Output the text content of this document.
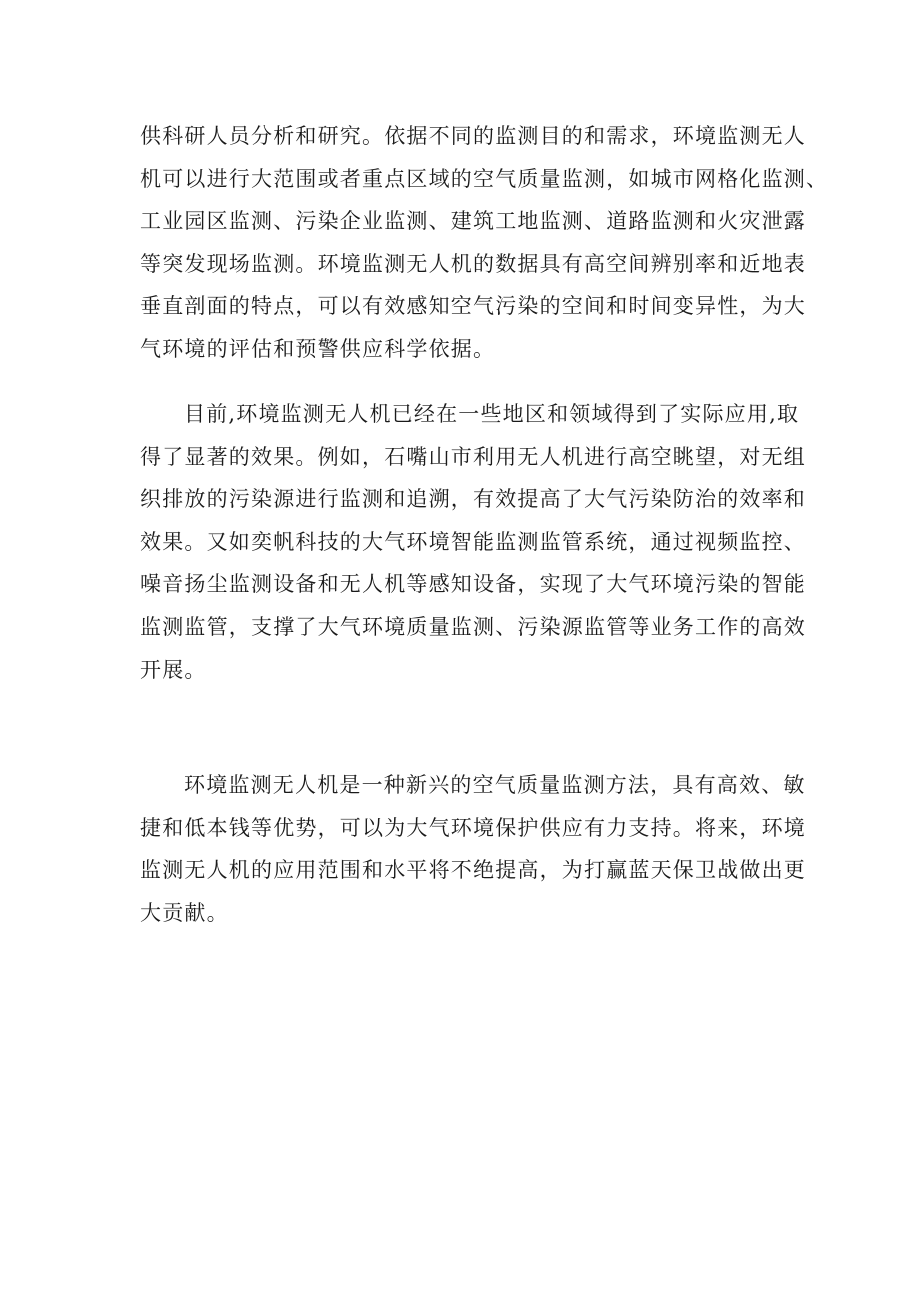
供科研人员分析和研究。依据不同的监测目的和需求，环境监测无人
机可以进行大范围或者重点区域的空气质量监测，如城市网格化监测、
工业园区监测、污染企业监测、建筑工地监测、道路监测和火灾泄露
等突发现场监测。环境监测无人机的数据具有高空间辨别率和近地表
垂直剖面的特点，可以有效感知空气污染的空间和时间变异性，为大
气环境的评估和预警供应科学依据。
目前,环境监测无人机已经在一些地区和领域得到了实际应用,取
得了显著的效果。例如，石嘴山市利用无人机进行高空眺望，对无组
织排放的污染源进行监测和追溯，有效提高了大气污染防治的效率和
效果。又如奕帆科技的大气环境智能监测监管系统，通过视频监控、
噪音扬尘监测设备和无人机等感知设备，实现了大气环境污染的智能
监测监管，支撑了大气环境质量监测、污染源监管等业务工作的高效
开展。
环境监测无人机是一种新兴的空气质量监测方法，具有高效、敏
捷和低本钱等优势，可以为大气环境保护供应有力支持。将来，环境
监测无人机的应用范围和水平将不绝提高，为打赢蓝天保卫战做出更
大贡献。
